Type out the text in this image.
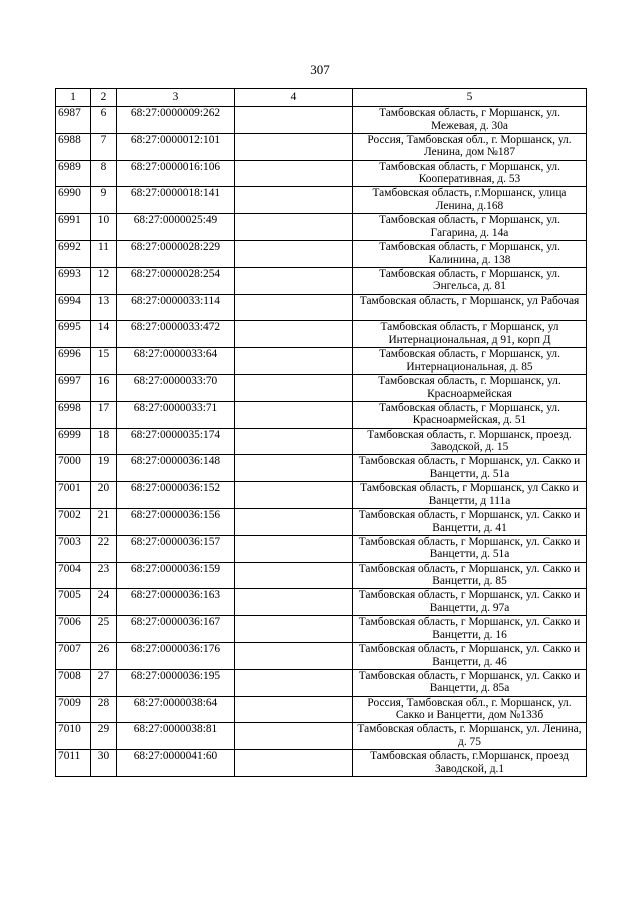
307
1	2	3	4	5
6987	6	68:27:0000009:262		Тамбовская область, г Моршанск, ул. Межевая, д. 30а
6988	7	68:27:0000012:101		Россия, Тамбовская обл., г. Моршанск, ул. Ленина, дом №187
6989	8	68:27:0000016:106		Тамбовская область, г Моршанск, ул. Кооперативная, д. 53
6990	9	68:27:0000018:141		Тамбовская область, г.Моршанск, улица Ленина, д.168
6991	10	68:27:0000025:49		Тамбовская область, г Моршанск, ул. Гагарина, д. 14а
6992	11	68:27:0000028:229		Тамбовская область, г Моршанск, ул. Калинина, д. 138
6993	12	68:27:0000028:254		Тамбовская область, г Моршанск, ул. Энгельса, д. 81
6994	13	68:27:0000033:114		Тамбовская область, г Моршанск, ул Рабочая
6995	14	68:27:0000033:472		Тамбовская область, г Моршанск, ул Интернациональная, д 91, корп Д
6996	15	68:27:0000033:64		Тамбовская область, г Моршанск, ул. Интернациональная, д. 85
6997	16	68:27:0000033:70		Тамбовская область, г. Моршанск, ул. Красноармейская
6998	17	68:27:0000033:71		Тамбовская область, г Моршанск, ул. Красноармейская, д. 51
6999	18	68:27:0000035:174		Тамбовская область, г. Моршанск, проезд. Заводской, д. 15
7000	19	68:27:0000036:148		Тамбовская область, г Моршанск, ул. Сакко и Ванцетти, д. 51а
7001	20	68:27:0000036:152		Тамбовская область, г Моршанск, ул Сакко и Ванцетти, д 111а
7002	21	68:27:0000036:156		Тамбовская область, г Моршанск, ул. Сакко и Ванцетти, д. 41
7003	22	68:27:0000036:157		Тамбовская область, г Моршанск, ул. Сакко и Ванцетти, д. 51а
7004	23	68:27:0000036:159		Тамбовская область, г Моршанск, ул. Сакко и Ванцетти, д. 85
7005	24	68:27:0000036:163		Тамбовская область, г Моршанск, ул. Сакко и Ванцетти, д. 97а
7006	25	68:27:0000036:167		Тамбовская область, г Моршанск, ул. Сакко и Ванцетти, д. 16
7007	26	68:27:0000036:176		Тамбовская область, г Моршанск, ул. Сакко и Ванцетти, д. 46
7008	27	68:27:0000036:195		Тамбовская область, г Моршанск, ул. Сакко и Ванцетти, д. 85а
7009	28	68:27:0000038:64		Россия, Тамбовская обл., г. Моршанск, ул. Сакко и Ванцетти, дом №133б
7010	29	68:27:0000038:81		Тамбовская область, г. Моршанск, ул. Ленина, д. 75
7011	30	68:27:0000041:60		Тамбовская область, г.Моршанск, проезд Заводской, д.1
